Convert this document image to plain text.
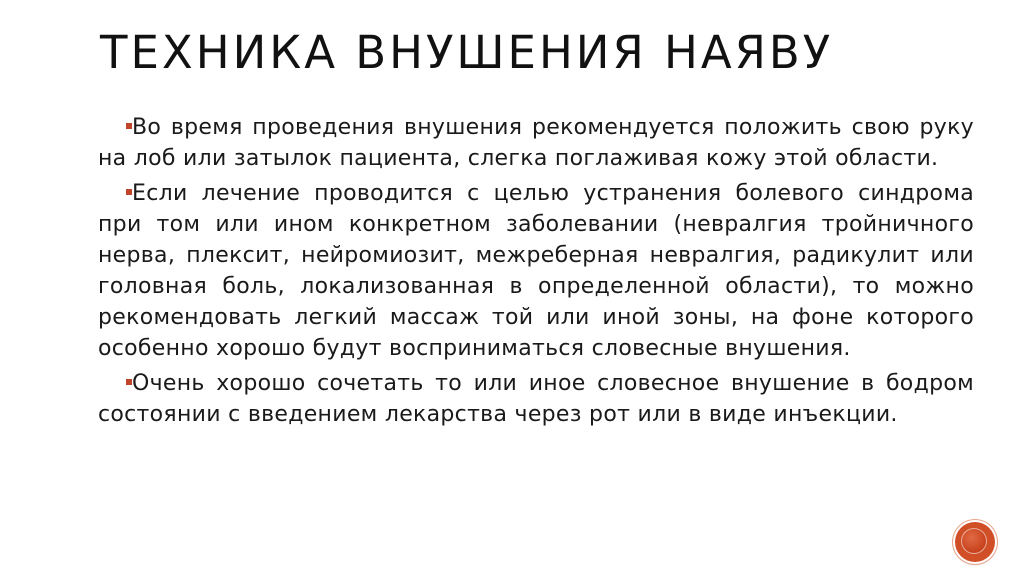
ТЕХНИКА ВНУШЕНИЯ НАЯВУ
Во время проведения внушения рекомендуется положить свою руку на лоб или затылок пациента, слегка поглаживая кожу этой области.
Если лечение проводится с целью устранения болевого синдрома при том или ином конкретном заболевании (невралгия тройничного нерва, плексит, нейромиозит, межреберная невралгия, радикулит или головная боль, локализованная в определенной области), то можно рекомендовать легкий массаж той или иной зоны, на фоне которого особенно хорошо будут восприниматься словесные внушения.
Очень хорошо сочетать то или иное словесное внушение в бодром состоянии с введением лекарства через рот или в виде инъекции.
